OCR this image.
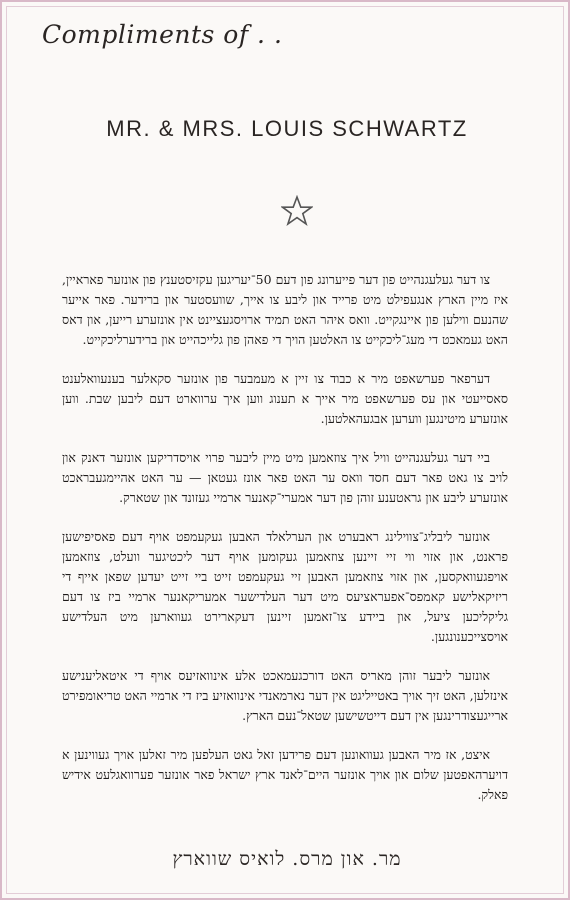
Compliments of . .
MR. & MRS. LOUIS SCHWARTZ

צו דער געלעגנהייט פון דער פייערונג פון דעם 50־יעריגען עקזיסטענץ פון אונזער פאראיין, איז מיין הארץ אנגעפילט מיט פרייד און ליבע צו אייך, שוועסטער און ברידער. פאר אייער שהנעם ווילען פון איינגקייט. וואס איהר האט תמיד ארויסגעציינט אין אונזערע רייען, און דאס האט געמאכט די מעג־ליכקייט צו האלטען הויך די פאהן פון גלייכהייט און ברידערליכקייט.

דערפאר פערשאפט מיר א כבוד צו זיין א מעמבער פון אונזער סקאלער בענעוואלענט סאסייעטי און עס פערשאפט מיר אייך א תענוג ווען איך ערווארט דעם ליבען שבת. ווען אונזערע מיטינגען ווערען אבגעהאלטען.

ביי דער געלעגנהייט וויל איך צוזאמען מיט מיין ליבער פרוי אויסדריקען אונזער דאנק און לויב צו גאט פאר דעם חסד וואס ער האט פאר אונז געטאן — ער האט אהיימגעבראכט אונזערע ליבע און גראטענע זוהן פון דער אמערי־קאנער ארמיי געזונד און שטארק.

אונזער ליבליג־צווילינג ראבערט און הערלאלד האבען געקעמפט אויף דעם פאסיפישען פראנט, און אזוי ווי זיי זיינען צוזאמען געקומען אויף דער ליכטיגער וועלט, צוזאמען אויפגעוואקסען, און אזוי צוזאמען האבען זיי געקעמפט זייט ביי זייט יעדען שפאן אייף די ריזיקאלישע קאמפס־אפעראציעס מיט דער העלדישער אמעריקאנער ארמיי ביז צו דעם גליקליכען ציעל, און ביידע צו־זאמען זיינען דעקארירט געווארען מיט העלדישע אויסצייכענונגען.

אונזער ליבער זוהן מאריס האט דורכגעמאכט אלע אינוואזיעס אויף די איטאליענישע אינזלען, האט זיך אויך באטייליגט אין דער נארמאנדי אינוואזיע ביז די ארמיי האט טריאומפירט ארייגעצודרינגען אין דעם דייטשישען שטאל־נעם הארץ.

איצט, אז מיר האבען געוואונען דעם פרידען זאל גאט העלפען מיר זאלען אויך געווינען א דויערהאפטען שלום און אויך אונזער היים־לאנד ארץ ישראל פאר אונזער פערוואגלעט אידיש פאלק.

מר. און מרס. לואיס שווארץ
